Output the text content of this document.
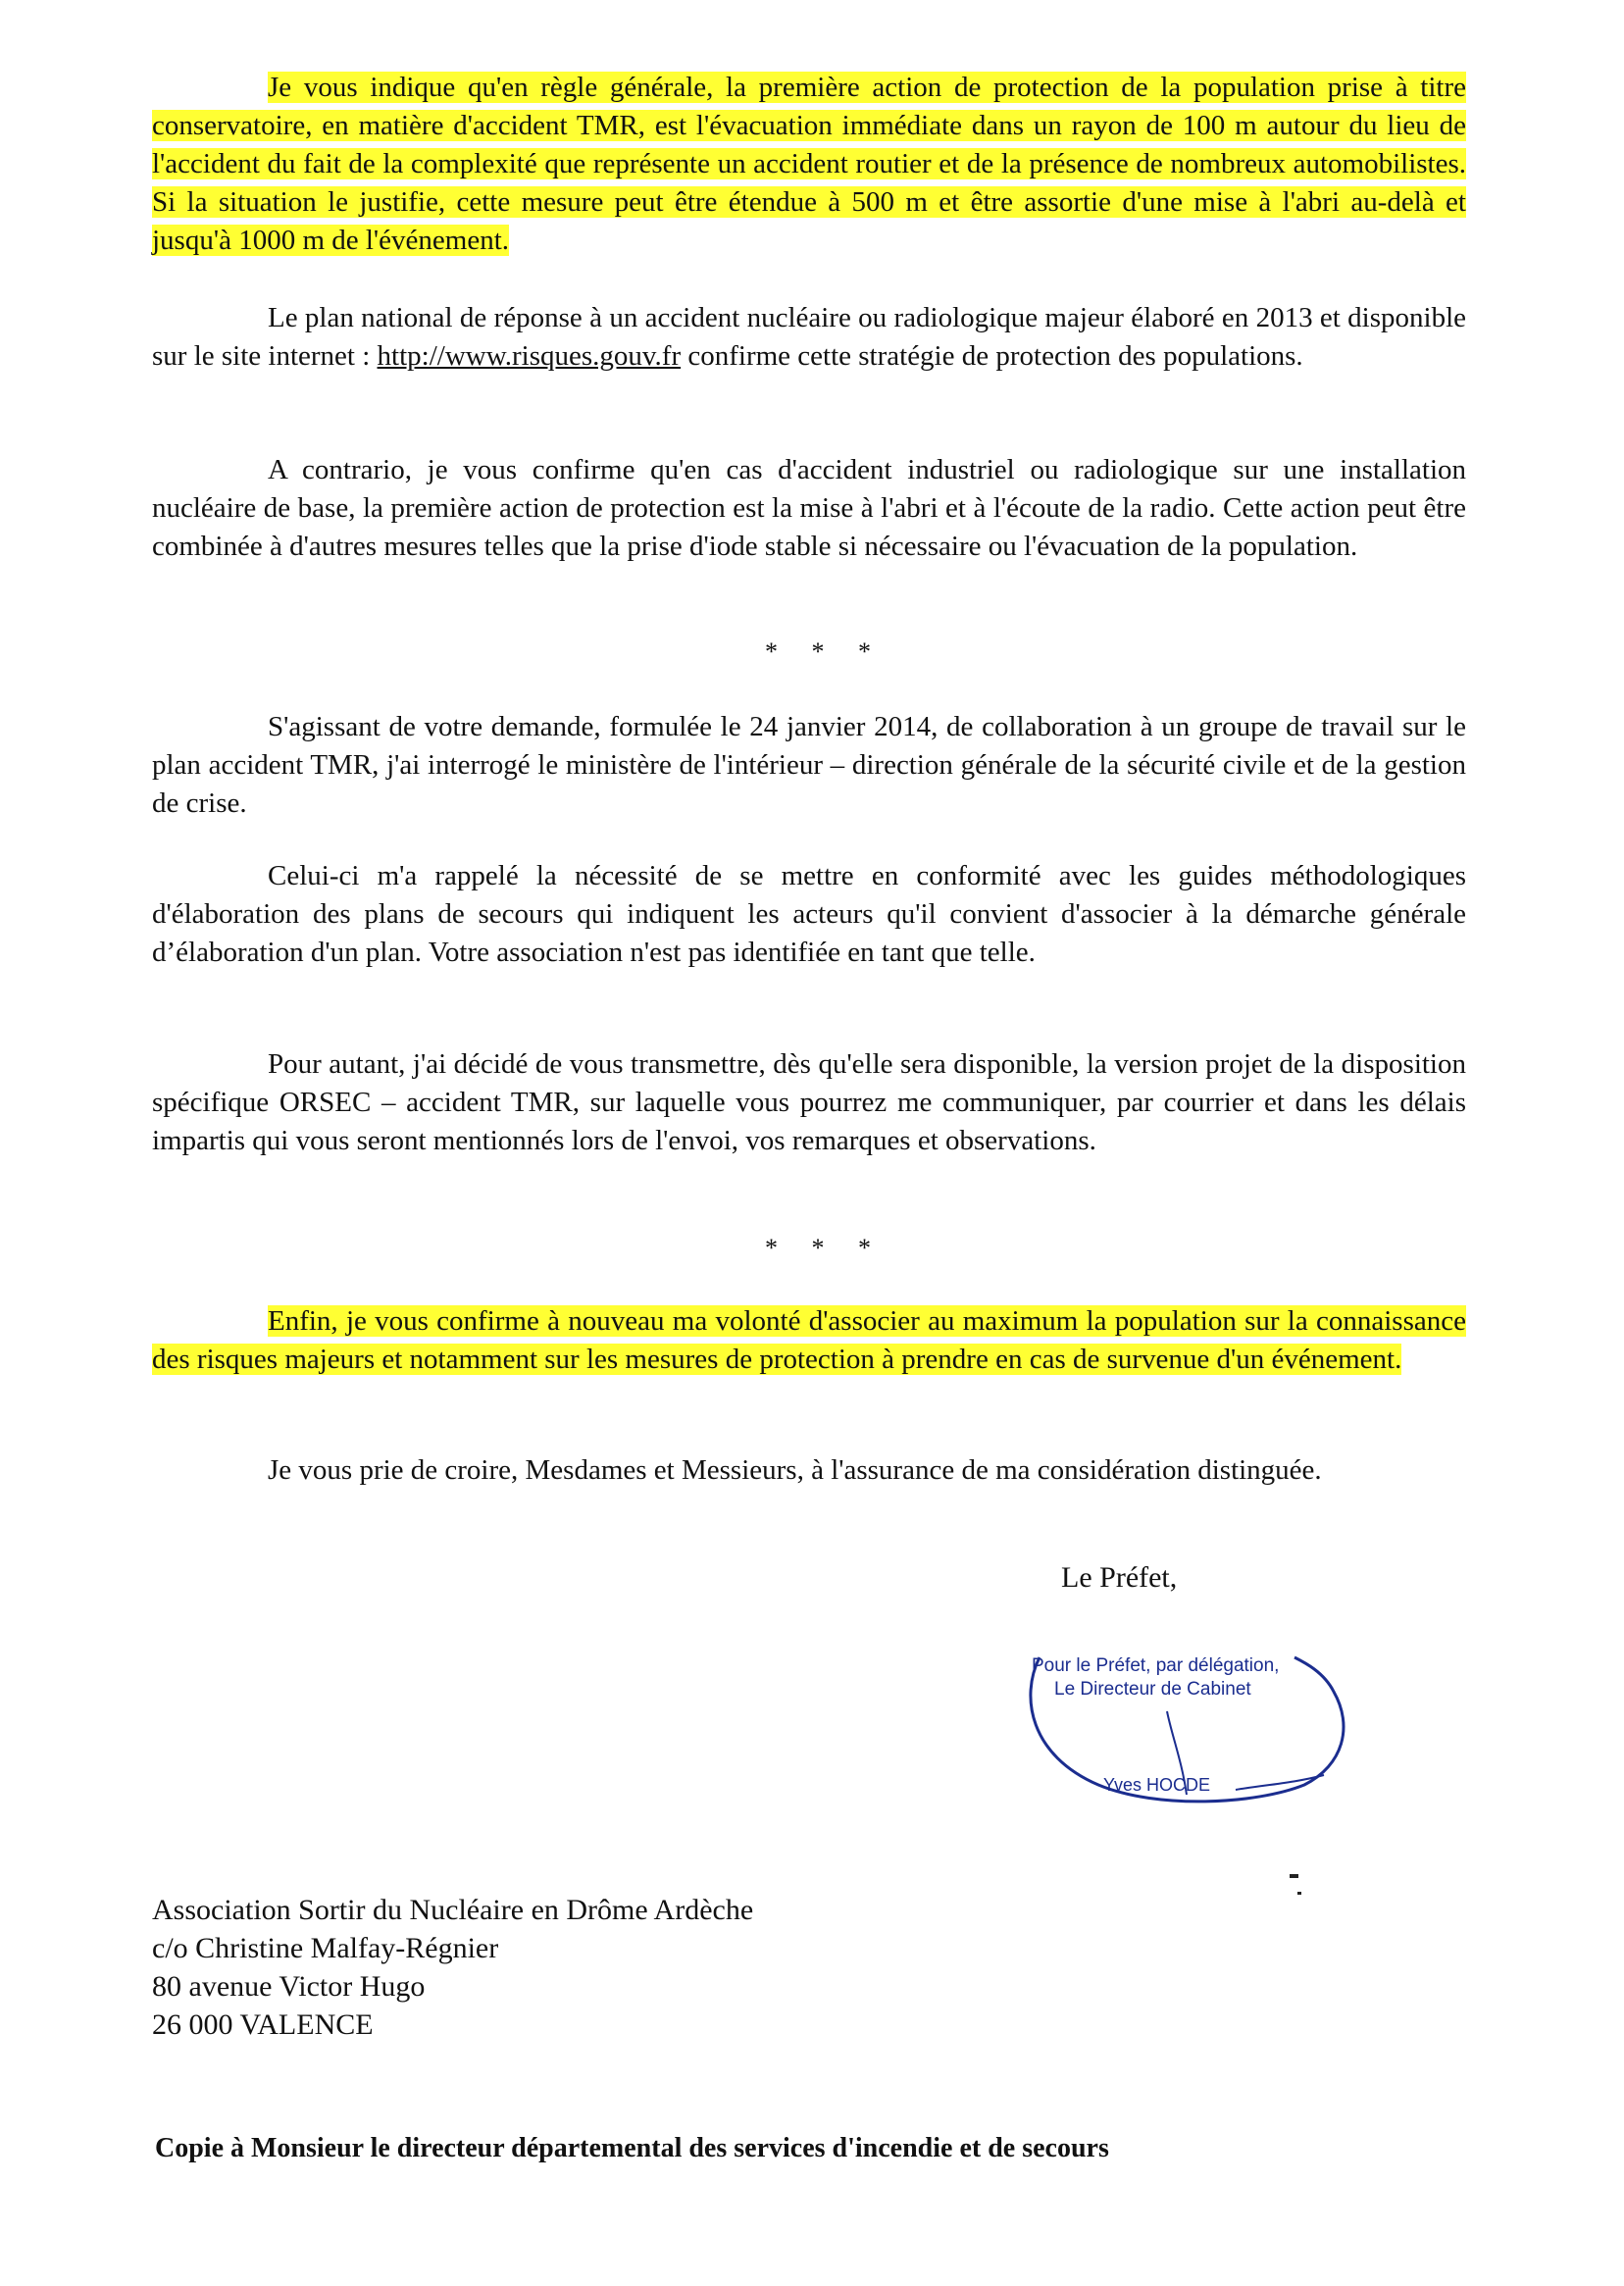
Je vous indique qu'en règle générale, la première action de protection de la population prise à titre conservatoire, en matière d'accident TMR, est l'évacuation immédiate dans un rayon de 100 m autour du lieu de l'accident du fait de la complexité que représente un accident routier et de la présence de nombreux automobilistes. Si la situation le justifie, cette mesure peut être étendue à 500 m et être assortie d'une mise à l'abri au-delà et jusqu'à 1000 m de l'événement.

Le plan national de réponse à un accident nucléaire ou radiologique majeur élaboré en 2013 et disponible sur le site internet : http://www.risques.gouv.fr confirme cette stratégie de protection des populations.

A contrario, je vous confirme qu'en cas d'accident industriel ou radiologique sur une installation nucléaire de base, la première action de protection est la mise à l'abri et à l'écoute de la radio. Cette action peut être combinée à d'autres mesures telles que la prise d'iode stable si nécessaire ou l'évacuation de la population.

* * *

S'agissant de votre demande, formulée le 24 janvier 2014, de collaboration à un groupe de travail sur le plan accident TMR, j'ai interrogé le ministère de l'intérieur – direction générale de la sécurité civile et de la gestion de crise.

Celui-ci m'a rappelé la nécessité de se mettre en conformité avec les guides méthodologiques d'élaboration des plans de secours qui indiquent les acteurs qu'il convient d'associer à la démarche générale d’élaboration d'un plan. Votre association n'est pas identifiée en tant que telle.

Pour autant, j'ai décidé de vous transmettre, dès qu'elle sera disponible, la version projet de la disposition spécifique ORSEC – accident TMR, sur laquelle vous pourrez me communiquer, par courrier et dans les délais impartis qui vous seront mentionnés lors de l'envoi, vos remarques et observations.

* * *

Enfin, je vous confirme à nouveau ma volonté d'associer au maximum la population sur la connaissance des risques majeurs et notamment sur les mesures de protection à prendre en cas de survenue d'un événement.

Je vous prie de croire, Mesdames et Messieurs, à l'assurance de ma considération distinguée.

Le Préfet,
Pour le Préfet, par délégation,
Le Directeur de Cabinet
Yves HOCDE
Association Sortir du Nucléaire en Drôme Ardèche
c/o Christine Malfay-Régnier
80 avenue Victor Hugo
26 000 VALENCE
Copie à Monsieur le directeur départemental des services d'incendie et de secours
